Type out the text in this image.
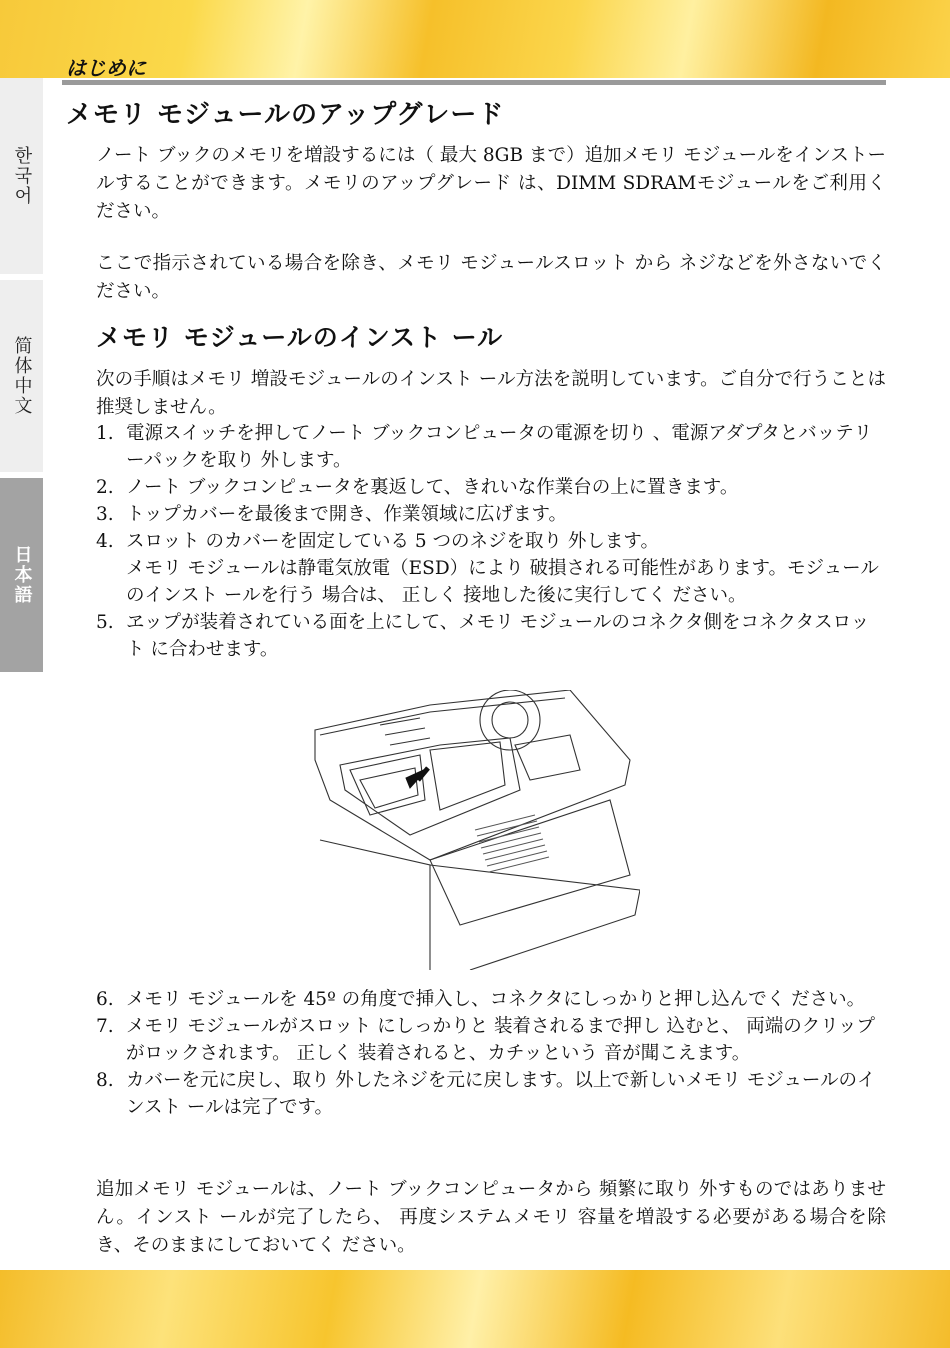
はじめに
한국어
简体中文
日本語
メモリ モジュールのアップグレード

ノート ブックのメモリを増設するには（ 最大 8GB まで）追加メモリ モジュールをインストールすることができます。メモリのアップグレード は、DIMM SDRAMモジュールをご利用く ださい。

ここで指示されている場合を除き、メモリ モジュールスロット から ネジなどを外さないでく ださい。

メモリ モジュールのインスト ール

次の手順はメモリ 増設モジュールのインスト ール方法を説明しています。ご自分で行うことは推奨しません。

1. 電源スイッチを押してノート ブックコンピュータの電源を切り 、電源アダプタとバッテリーパックを取り 外します。
2. ノート ブックコンピュータを裏返して、きれいな作業台の上に置きます。
3. トップカバーを最後まで開き、作業領域に広げます。
4. スロット のカバーを固定している 5 つのネジを取り 外します。
メモリ モジュールは静電気放電（ESD）により 破損される可能性があります。モジュールのインスト ールを行う 場合は、 正しく 接地した後に実行してく ださい。
5. ヱップが装着されている面を上にして、メモリ モジュールのコネクタ側をコネクタスロット に合わせます。
6. メモリ モジュールを 45º の角度で挿入し、コネクタにしっかりと押し込んでく ださい。
7. メモリ モジュールがスロット にしっかりと 装着されるまで押し 込むと、 両端のクリップがロックされます。 正しく 装着されると、カチッという 音が聞こえます。
8. カバーを元に戻し、取り 外したネジを元に戻します。以上で新しいメモリ モジュールのインスト ールは完了です。

追加メモリ モジュールは、ノート ブックコンピュータから 頻繁に取り 外すものではありません。インスト ールが完了したら、 再度システムメモリ 容量を増設する必要がある場合を除き、そのままにしておいてく ださい。
